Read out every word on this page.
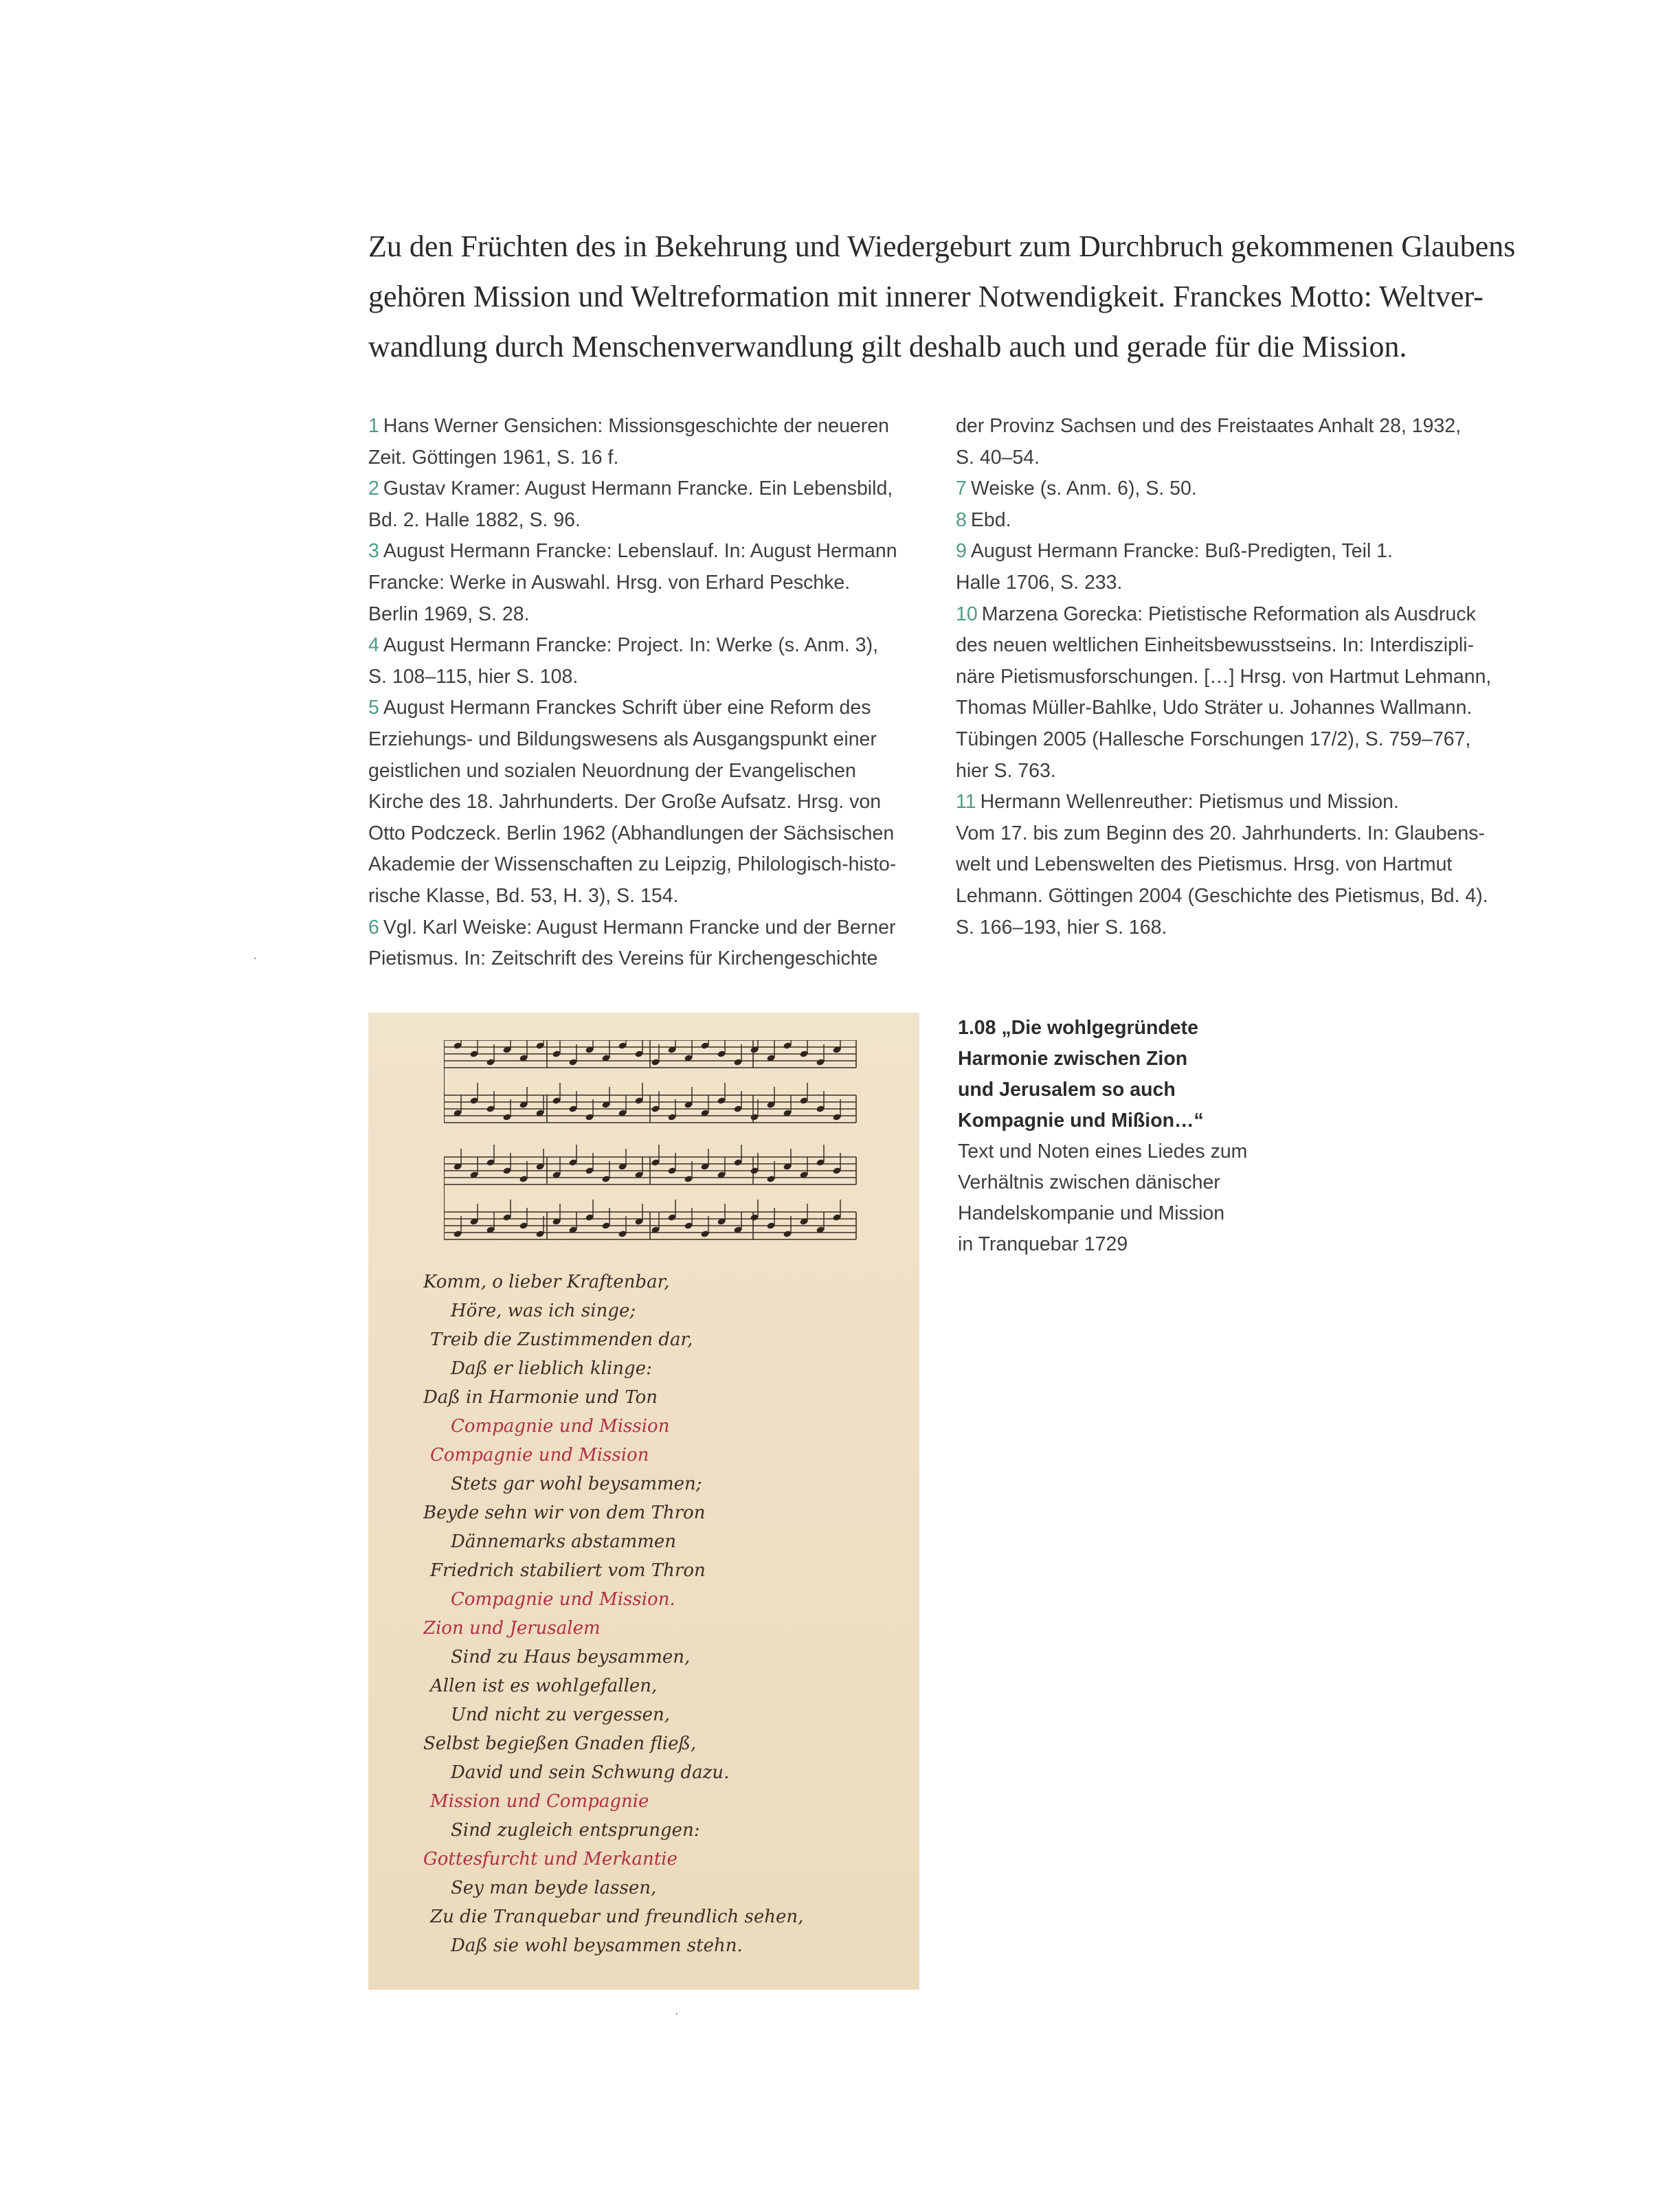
Zu den Früchten des in Bekehrung und Wiedergeburt zum Durchbruch gekommenen Glaubens

gehören Mission und Weltreformation mit innerer Notwendigkeit. Franckes Motto: Weltver-

wandlung durch Menschenverwandlung gilt deshalb auch und gerade für die Mission.

1 Hans Werner Gensichen: Missionsgeschichte der neueren

Zeit. Göttingen 1961, S. 16 f.

2 Gustav Kramer: August Hermann Francke. Ein Lebensbild,

Bd. 2. Halle 1882, S. 96.

3 August Hermann Francke: Lebenslauf. In: August Hermann

Francke: Werke in Auswahl. Hrsg. von Erhard Peschke.

Berlin 1969, S. 28.

4 August Hermann Francke: Project. In: Werke (s. Anm. 3),

S. 108–115, hier S. 108.

5 August Hermann Franckes Schrift über eine Reform des

Erziehungs- und Bildungswesens als Ausgangspunkt einer

geistlichen und sozialen Neuordnung der Evangelischen

Kirche des 18. Jahrhunderts. Der Große Aufsatz. Hrsg. von

Otto Podczeck. Berlin 1962 (Abhandlungen der Sächsischen

Akademie der Wissenschaften zu Leipzig, Philologisch-histo-

rische Klasse, Bd. 53, H. 3), S. 154.

6 Vgl. Karl Weiske: August Hermann Francke und der Berner

Pietismus. In: Zeitschrift des Vereins für Kirchengeschichte

der Provinz Sachsen und des Freistaates Anhalt 28, 1932,

S. 40–54.

7 Weiske (s. Anm. 6), S. 50.

8 Ebd.

9 August Hermann Francke: Buß-Predigten, Teil 1.

Halle 1706, S. 233.

10 Marzena Gorecka: Pietistische Reformation als Ausdruck

des neuen weltlichen Einheitsbewusstseins. In: Interdiszipli-

näre Pietismusforschungen. […] Hrsg. von Hartmut Lehmann,

Thomas Müller-Bahlke, Udo Sträter u. Johannes Wallmann.

Tübingen 2005 (Hallesche Forschungen 17/2), S. 759–767,

hier S. 763.

11 Hermann Wellenreuther: Pietismus und Mission.

Vom 17. bis zum Beginn des 20. Jahrhunderts. In: Glaubens-

welt und Lebenswelten des Pietismus. Hrsg. von Hartmut

Lehmann. Göttingen 2004 (Geschichte des Pietismus, Bd. 4).

S. 166–193, hier S. 168.

Komm, o lieber Kraftenbar,
Höre, was ich singe;
Treib die Zustimmenden dar,
Daß er lieblich klinge:
Daß in Harmonie und Ton
Compagnie und Mission
Compagnie und Mission
Stets gar wohl beysammen;
Beyde sehn wir von dem Thron
Dännemarks abstammen
Friedrich stabiliert vom Thron
Compagnie und Mission.
Zion und Jerusalem
Sind zu Haus beysammen,
Allen ist es wohlgefallen,
Und nicht zu vergessen,
Selbst begießen Gnaden fließ,
David und sein Schwung dazu.
Mission und Compagnie
Sind zugleich entsprungen:
Gottesfurcht und Merkantie
Sey man beyde lassen,
Zu die Tranquebar und freundlich sehen,
Daß sie wohl beysammen stehn.

1.08 „Die wohlgegründete

Harmonie zwischen Zion

und Jerusalem so auch

Kompagnie und Mißion…“

Text und Noten eines Liedes zum

Verhältnis zwischen dänischer

Handelskompanie und Mission

in Tranquebar 1729
